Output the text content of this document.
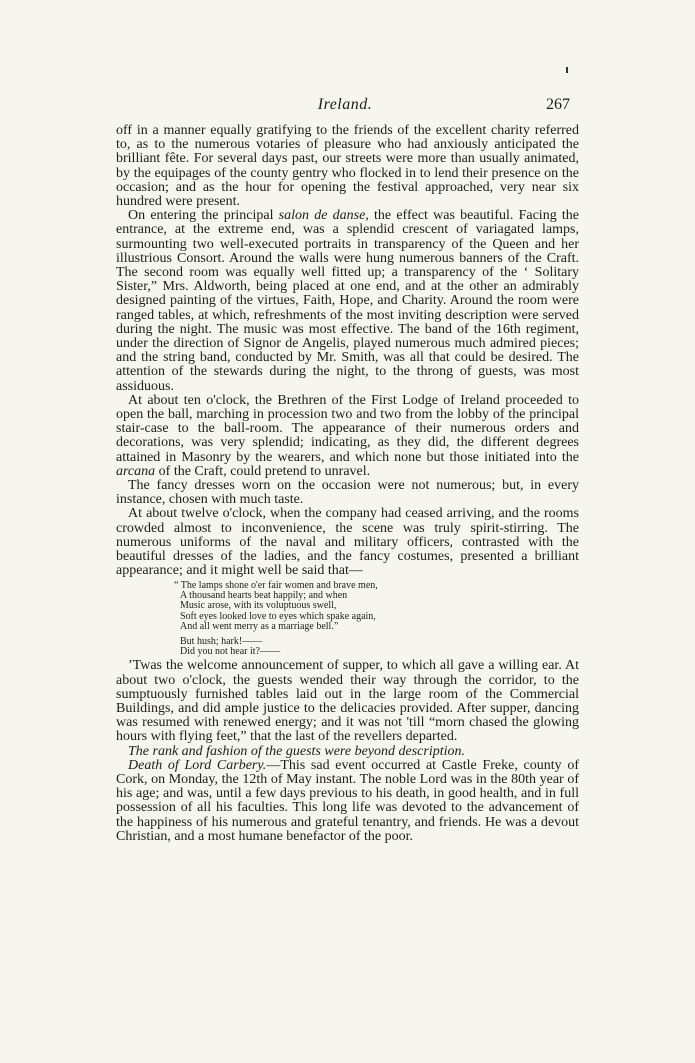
Ireland.	267

off in a manner equally gratifying to the friends of the excellent charity referred to, as to the numerous votaries of pleasure who had anxiously anticipated the brilliant fête. For several days past, our streets were more than usually animated, by the equipages of the county gentry who flocked in to lend their presence on the occasion; and as the hour for opening the festival approached, very near six hundred were present.

On entering the principal salon de danse, the effect was beautiful. Facing the entrance, at the extreme end, was a splendid crescent of variagated lamps, surmounting two well-executed portraits in transparency of the Queen and her illustrious Consort. Around the walls were hung numerous banners of the Craft. The second room was equally well fitted up; a transparency of the ‘ Solitary Sister,” Mrs. Aldworth, being placed at one end, and at the other an admirably designed painting of the virtues, Faith, Hope, and Charity. Around the room were ranged tables, at which, refreshments of the most inviting description were served during the night. The music was most effective. The band of the 16th regiment, under the direction of Signor de Angelis, played numerous much admired pieces; and the string band, conducted by Mr. Smith, was all that could be desired. The attention of the stewards during the night, to the throng of guests, was most assiduous.

At about ten o'clock, the Brethren of the First Lodge of Ireland proceeded to open the ball, marching in procession two and two from the lobby of the principal stair-case to the ball-room. The appearance of their numerous orders and decorations, was very splendid; indicating, as they did, the different degrees attained in Masonry by the wearers, and which none but those initiated into the arcana of the Craft, could pretend to unravel.

The fancy dresses worn on the occasion were not numerous; but, in every instance, chosen with much taste.

At about twelve o'clock, when the company had ceased arriving, and the rooms crowded almost to inconvenience, the scene was truly spirit-stirring. The numerous uniforms of the naval and military officers, contrasted with the beautiful dresses of the ladies, and the fancy costumes, presented a brilliant appearance; and it might well be said that—

“ The lamps shone o'er fair women and brave men,
A thousand hearts beat happily; and when
Music arose, with its voluptuous swell,
Soft eyes looked love to eyes which spake again,
And all went merry as a marriage bell.”
But hush; hark!——
Did you not hear it?——

’Twas the welcome announcement of supper, to which all gave a willing ear. At about two o'clock, the guests wended their way through the corridor, to the sumptuously furnished tables laid out in the large room of the Commercial Buildings, and did ample justice to the delicacies provided. After supper, dancing was resumed with renewed energy; and it was not 'till “morn chased the glowing hours with flying feet,” that the last of the revellers departed.

The rank and fashion of the guests were beyond description.

Death of Lord Carbery.—This sad event occurred at Castle Freke, county of Cork, on Monday, the 12th of May instant. The noble Lord was in the 80th year of his age; and was, until a few days previous to his death, in good health, and in full possession of all his faculties. This long life was devoted to the advancement of the happiness of his numerous and grateful tenantry, and friends. He was a devout Christian, and a most humane benefactor of the poor.
